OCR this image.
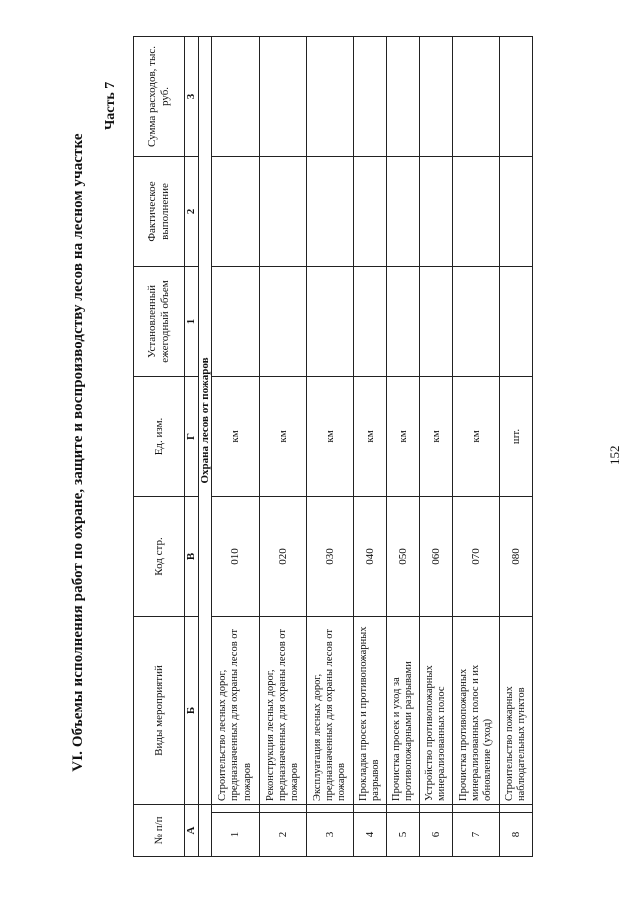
152
VI. Объемы исполнения работ по охране, защите и воспроизводству лесов на лесном участке
Часть 7
№ п/п		Виды мероприятий	Код стр.	Ед. изм.	Установленный ежегодный объем	Фактическое выполнение	Сумма расходов, тыс. руб.
А		Б	В	Г	1	2	3
		Охрана лесов от пожаров					
1		Строительство лесных дорог, предназначенных для охраны лесов от пожаров	010	км			
2		Реконструкция лесных дорог, предназначенных для охраны лесов от пожаров	020	км			
3		Эксплуатация лесных дорог, предназначенных для охраны лесов от пожаров	030	км			
4		Прокладка просек и противопожарных разрывов	040	км			
5		Прочистка просек и уход за противопожарными разрывами	050	км			
6		Устройство противопожарных минерализованных полос	060	км			
7		Прочистка противопожарных минерализованных полос и их обновление (уход)	070	км			
8		Строительство пожарных наблюдательных пунктов	080	шт.			
